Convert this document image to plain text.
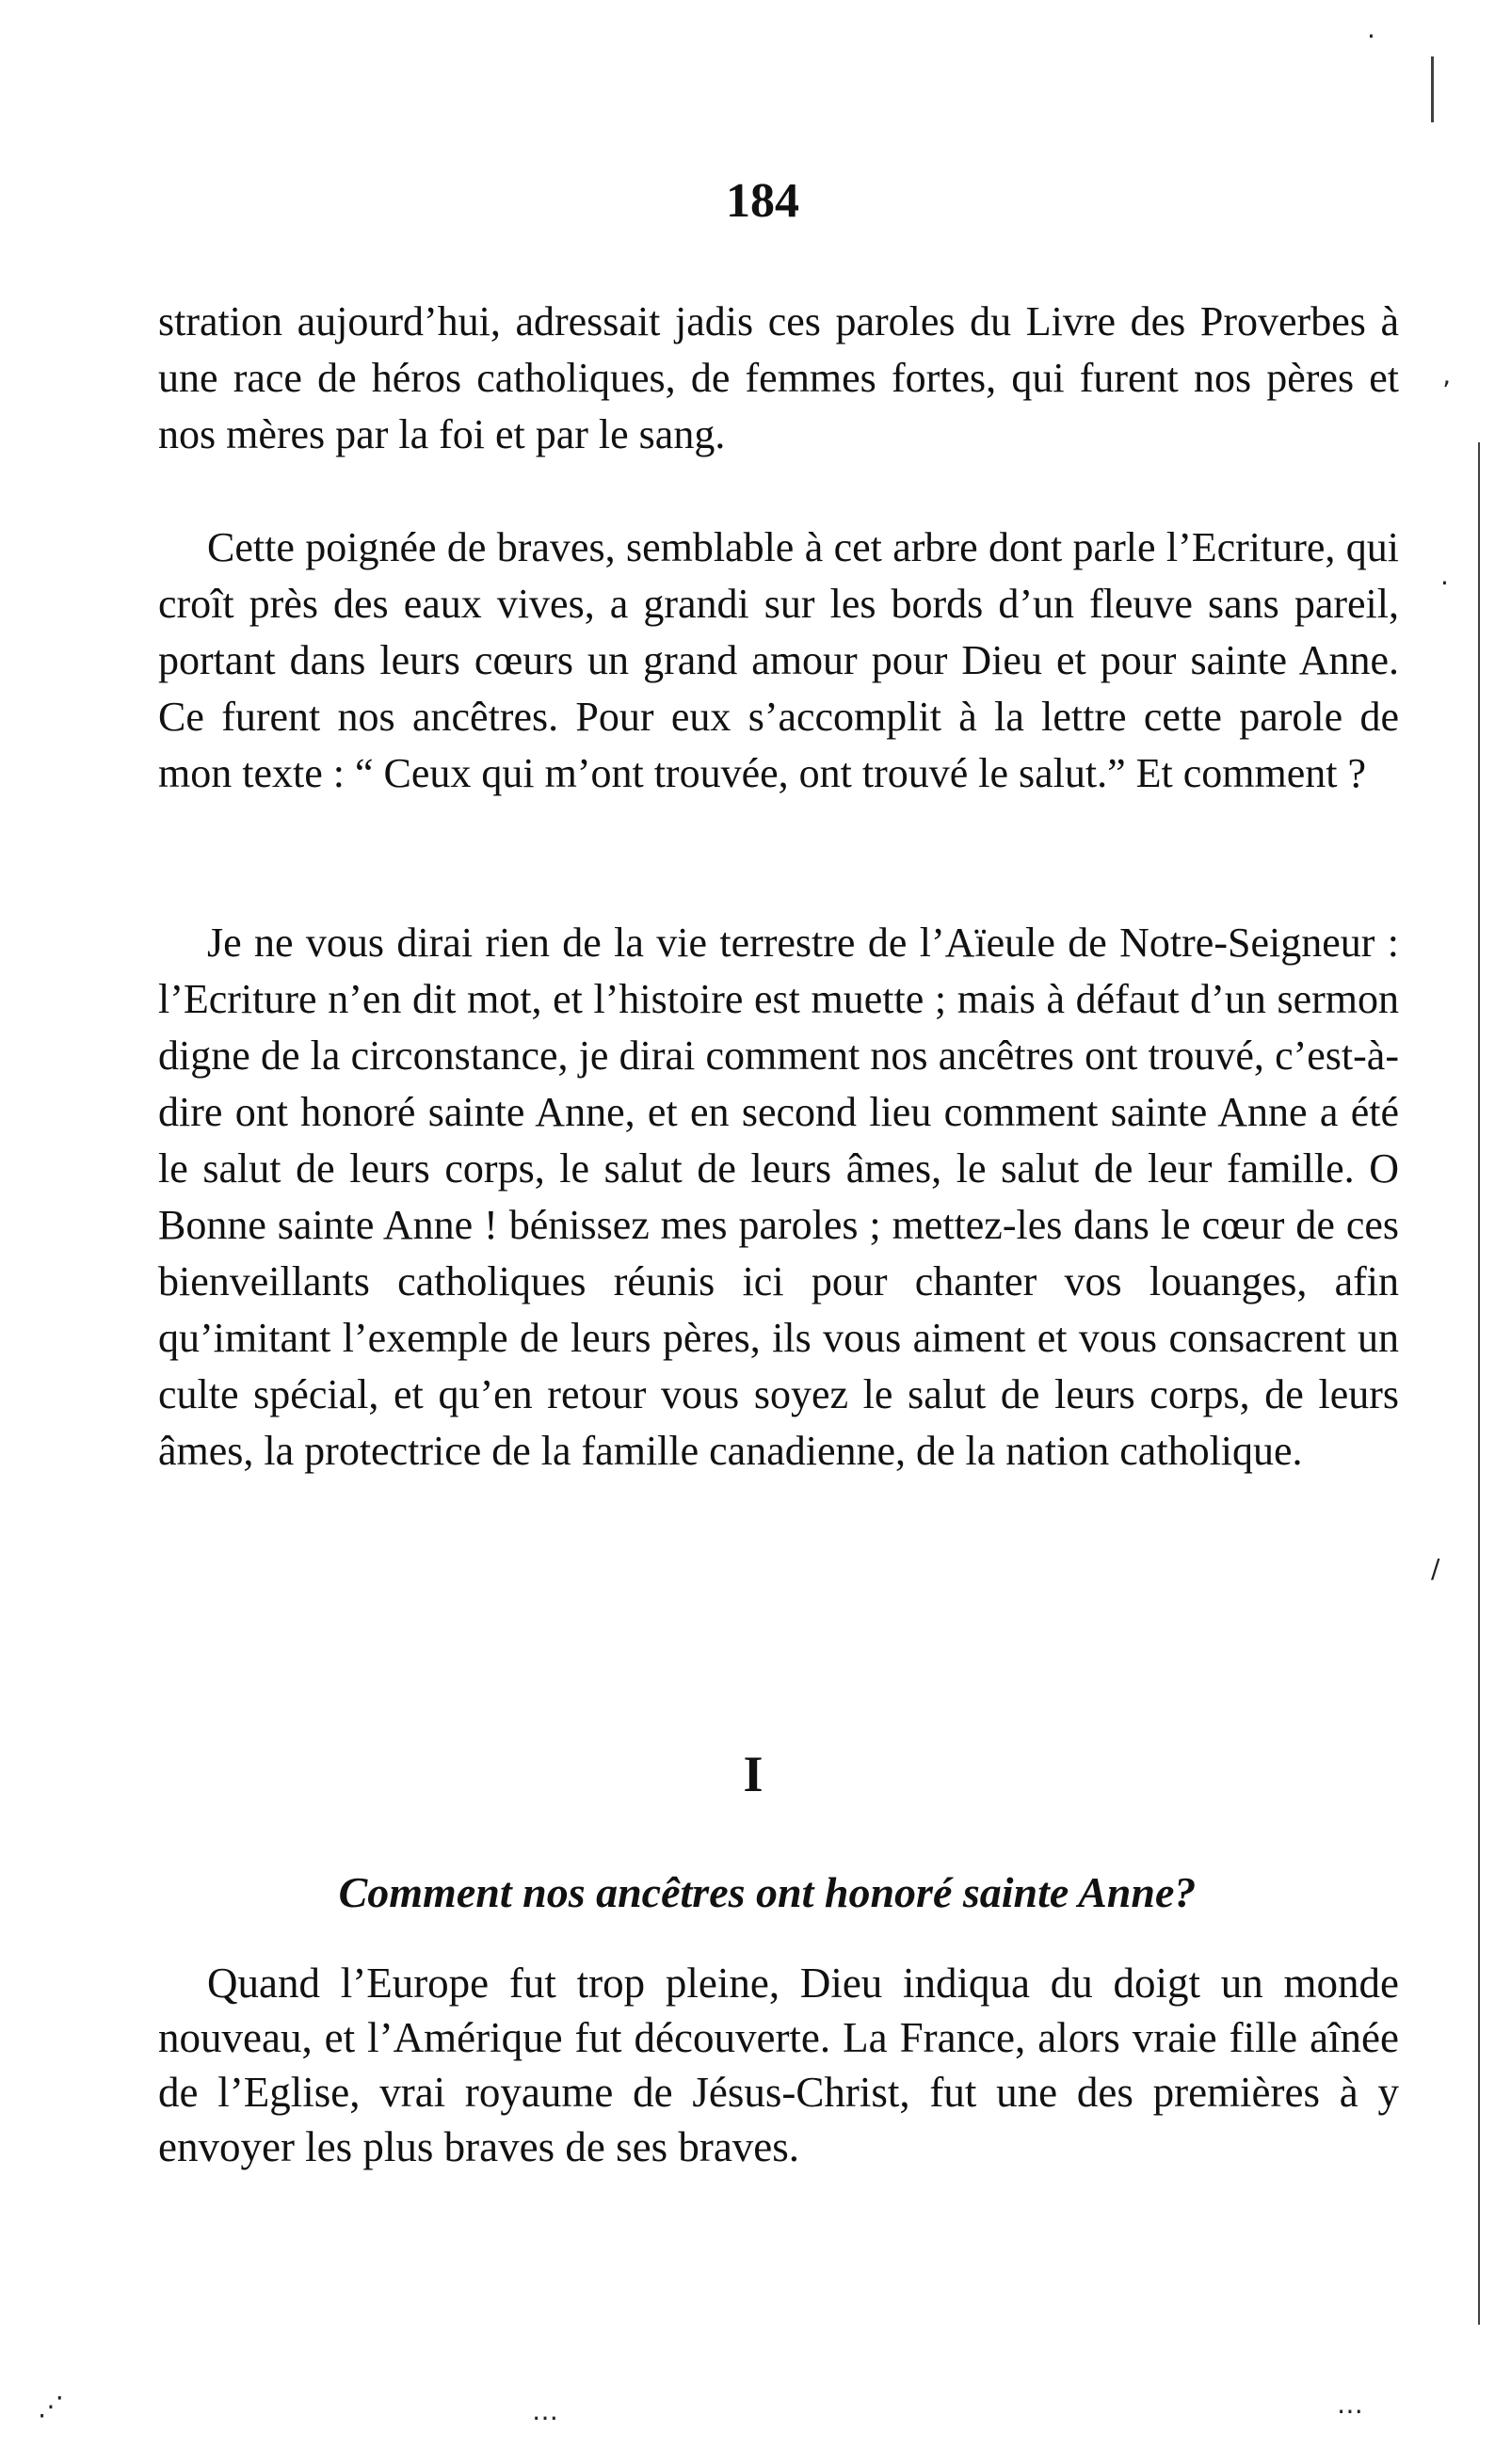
184

stration aujourd’hui, adressait jadis ces paroles du Livre des Proverbes à une race de héros catholiques, de femmes fortes, qui furent nos pères et nos mères par la foi et par le sang.

Cette poignée de braves, semblable à cet arbre dont parle l’Ecriture, qui croît près des eaux vives, a grandi sur les bords d’un fleuve sans pareil, portant dans leurs cœurs un grand amour pour Dieu et pour sainte Anne. Ce furent nos ancêtres. Pour eux s’accomplit à la lettre cette parole de mon texte : “ Ceux qui m’ont trouvée, ont trouvé le salut.” Et comment ?

Je ne vous dirai rien de la vie terrestre de l’Aïeule de Notre-Seigneur : l’Ecriture n’en dit mot, et l’histoire est muette ; mais à défaut d’un sermon digne de la circonstance, je dirai comment nos ancêtres ont trouvé, c’est-à-dire ont honoré sainte Anne, et en second lieu comment sainte Anne a été le salut de leurs corps, le salut de leurs âmes, le salut de leur famille. O Bonne sainte Anne ! bénissez mes paroles ; mettez-les dans le cœur de ces bienveillants catholiques réunis ici pour chanter vos louanges, afin qu’imitant l’exemple de leurs pères, ils vous aiment et vous consacrent un culte spécial, et qu’en retour vous soyez le salut de leurs corps, de leurs âmes, la protectrice de la famille canadienne, de la nation catholique.

I
Comment nos ancêtres ont honoré sainte Anne?

Quand l’Europe fut trop pleine, Dieu indiqua du doigt un monde nouveau, et l’Amérique fut découverte. La France, alors vraie fille aînée de l’Eglise, vrai royaume de Jésus-Christ, fut une des premières à y envoyer les plus braves de ses braves.

·
‚
.
/
⋰	…	⋯
